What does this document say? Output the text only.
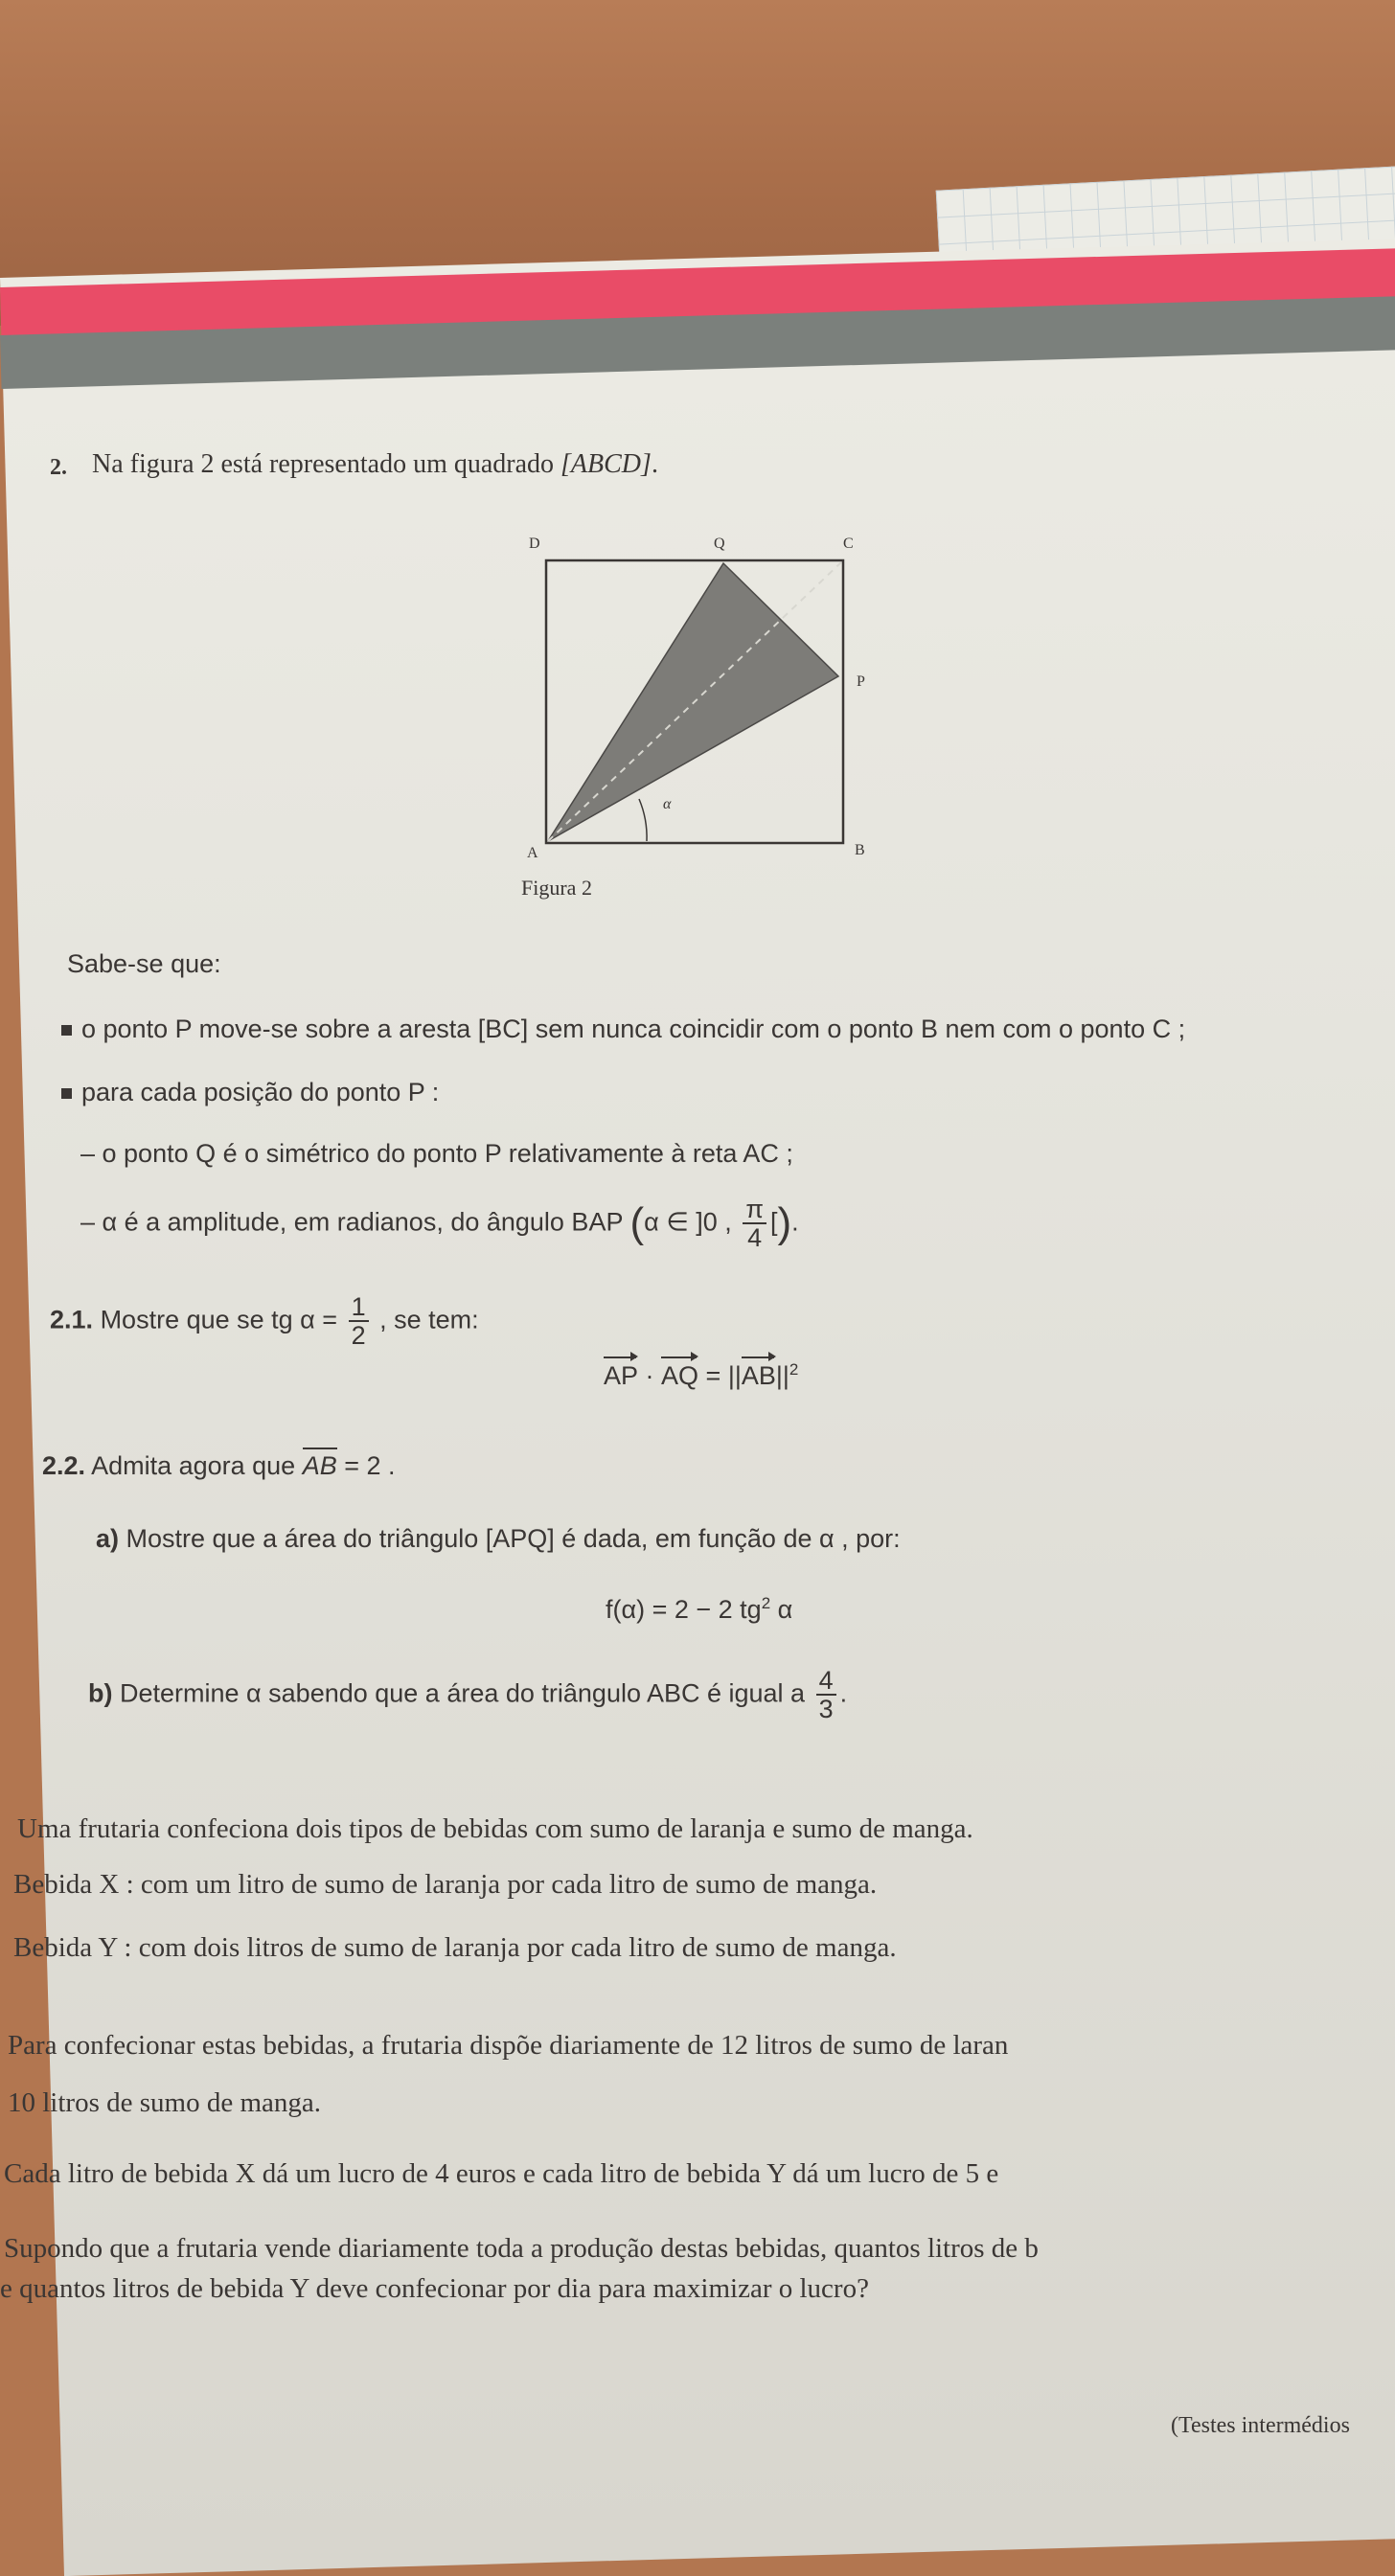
2. Na figura 2 está representado um quadrado [ABCD].
α
D	Q	C
P
A	B
Figura 2
Sabe-se que:
o ponto P move-se sobre a aresta [BC] sem nunca coincidir com o ponto B nem com o ponto C ;
para cada posição do ponto P :
– o ponto Q é o simétrico do ponto P relativamente à reta AC ;
– α é a amplitude, em radianos, do ângulo BAP (α ∈ ]0 , $\frac{\pi}{4}$ [).
2.1. Mostre que se tg $\alpha = \frac{1}{2}$ , se tem:
AP · AQ = $||AB||^2$
2.2. Admita agora que AB = 2 .
a) Mostre que a área do triângulo [APQ] é dada, em função de α , por:
f(α) = 2 − 2 $tg^2$ α
b) Determine α sabendo que a área do triângulo ABC é igual a $\frac{4}{3}$ .
Uma frutaria confeciona dois tipos de bebidas com sumo de laranja e sumo de manga.
Bebida X : com um litro de sumo de laranja por cada litro de sumo de manga.
Bebida Y : com dois litros de sumo de laranja por cada litro de sumo de manga.
Para confecionar estas bebidas, a frutaria dispõe diariamente de 12 litros de sumo de laran
10 litros de sumo de manga.
Cada litro de bebida X dá um lucro de 4 euros e cada litro de bebida Y dá um lucro de 5 e
Supondo que a frutaria vende diariamente toda a produção destas bebidas, quantos litros de b
e quantos litros de bebida Y deve confecionar por dia para maximizar o lucro?
(Testes intermédios
